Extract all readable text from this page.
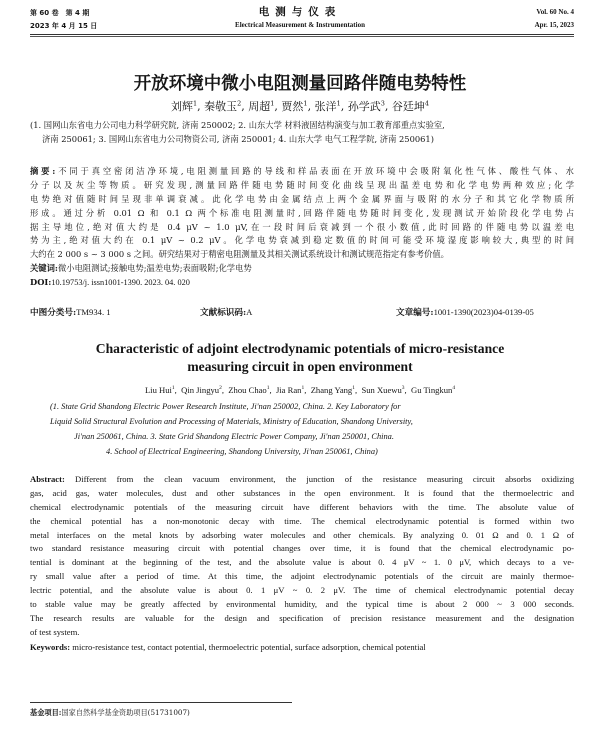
第 60 卷　第 4 期
2023 年 4 月 15 日
电测与仪表
Electrical Measurement & Instrumentation
Vol. 60 No. 4
Apr. 15, 2023
开放环境中微小电阻测量回路伴随电势特性
刘辉$^1$, 秦敬玉$^2$, 周超$^1$, 贾然$^1$, 张洋$^1$, 孙学武$^3$, 谷廷坤$^4$
(1. 国网山东省电力公司电力科学研究院, 济南 250002; 2. 山东大学 材料液固结构演变与加工教育部重点实验室,
济南 250061; 3. 国网山东省电力公司物资公司, 济南 250001; 4. 山东大学 电气工程学院, 济南 250061)
摘要:不同于真空密闭洁净环境,电阻测量回路的导线和样品表面在开放环境中会吸附氧化性气体、酸性气体、水
分子以及灰尘等物质。研究发现,测量回路伴随电势随时间变化曲线呈现出温差电势和化学电势两种效应;化学
电势绝对值随时间呈现非单调衰减。此化学电势由金属结点上两个金属界面与吸附的水分子和其它化学物质所
形成。通过分析 0.01 Ω 和 0.1 Ω 两个标准电阻测量时,回路伴随电势随时间变化,发现测试开始阶段化学电势占
据主导地位,绝对值大约是 0.4 μV ~ 1.0 μV,在一段时间后衰减到一个很小数值,此时回路的伴随电势以温差电
势为主,绝对值大约在 0.1 μV ~ 0.2 μV。化学电势衰减到稳定数值的时间可能受环境湿度影响较大,典型的时间
大约在 2 000 s ~ 3 000 s 之间。研究结果对于精密电阻测量及其相关测试系统设计和测试规范指定有参考价值。
关键词:微小电阻测试;接触电势;温差电势;表面吸附;化学电势
DOI:10.19753/j. issn1001-1390. 2023. 04. 020
中图分类号:TM934. 1	文献标识码:A	文章编号:1001-1390(2023)04-0139-05
Characteristic of adjoint electrodynamic potentials of micro-resistance
measuring circuit in open environment
Liu Hui$^1$,  Qin Jingyu$^2$,  Zhou Chao$^1$,  Jia Ran$^1$,  Zhang Yang$^1$,  Sun Xuewu$^3$,  Gu Tingkun$^4$
(1. State Grid Shandong Electric Power Research Institute, Ji'nan 250002, China. 2. Key Laboratory for
Liquid Solid Structural Evolution and Processing of Materials, Ministry of Education, Shandong University,
Ji'nan 250061, China. 3. State Grid Shandong Electric Power Company, Ji'nan 250001, China.
4. School of Electrical Engineering, Shandong University, Ji'nan 250061, China)
Abstract: Different from the clean vacuum environment, the junction of the resistance measuring circuit absorbs oxidizing
gas, acid gas, water molecules, dust and other substances in the open environment. It is found that the thermoelectric and
chemical electrodynamic potentials of the measuring circuit have different behaviors with the time. The absolute value of
the chemical potential has a non-monotonic decay with time. The chemical electrodynamic potential is formed within two
metal interfaces on the metal knots by adsorbing water molecules and other chemicals. By analyzing 0. 01 Ω and 0. 1 Ω of
two standard resistance measuring circuit with potential changes over time, it is found that the chemical electrodynamic po-
tential is dominant at the beginning of the test, and the absolute value is about 0. 4 μV ~ 1. 0 μV, which decays to a ve-
ry small value after a period of time. At this time, the adjoint electrodynamic potentials of the circuit are mainly thermoe-
lectric potential, and the absolute value is about 0. 1 μV ~ 0. 2 μV. The time of chemical electrodynamic potential decay
to stable value may be greatly affected by environmental humidity, and the typical time is about 2 000 ~ 3 000 seconds.
The research results are valuable for the design and specification of precision resistance measurement and the designation
of test system.
Keywords: micro-resistance test, contact potential, thermoelectric potential, surface adsorption, chemical potential
基金项目:国家自然科学基金资助项目(51731007)
